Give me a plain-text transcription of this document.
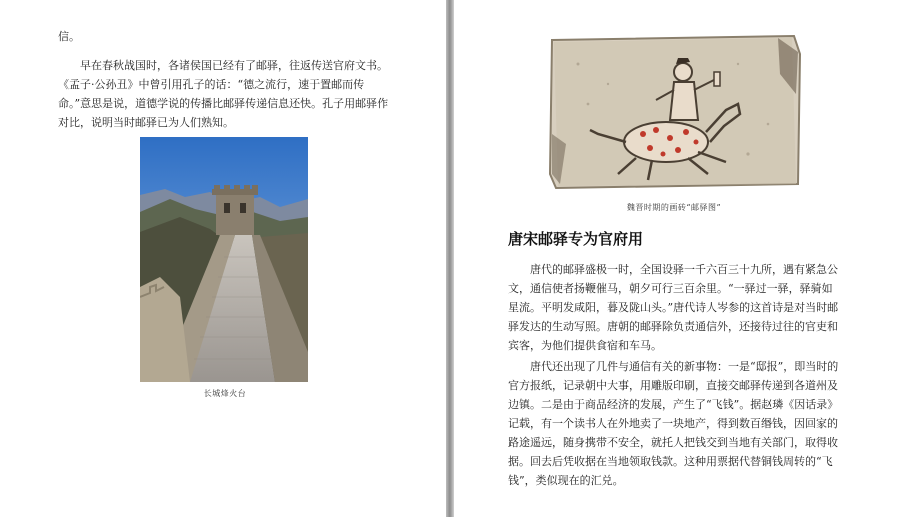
信。

早在春秋战国时，各诸侯国已经有了邮驿，往返传送官府文书。《孟子·公孙丑》中曾引用孔子的话：“德之流行，速于置邮而传命。”意思是说，道德学说的传播比邮驿传递信息还快。孔子用邮驿作对比，说明当时邮驿已为人们熟知。

长城烽火台
魏晋时期的画砖“邮驿图”
唐宋邮驿专为官府用

唐代的邮驿盛极一时，全国设驿一千六百三十九所，遇有紧急公文，通信使者扬鞭催马，朝夕可行三百余里。“一驿过一驿，驿骑如星流。平明发咸阳，暮及陇山头。”唐代诗人岑参的这首诗是对当时邮驿发达的生动写照。唐朝的邮驿除负责通信外，还接待过往的官吏和宾客，为他们提供食宿和车马。

唐代还出现了几件与通信有关的新事物：一是“邸报”，即当时的官方报纸，记录朝中大事，用雕版印刷，直接交邮驿传递到各道州及边镇。二是由于商品经济的发展，产生了“飞钱”。据赵璘《因话录》记载，有一个读书人在外地卖了一块地产，得到数百缗钱，因回家的路途遥远，随身携带不安全，就托人把钱交到当地有关部门，取得收据。回去后凭收据在当地领取钱款。这种用票据代替铜钱周转的“飞钱”，类似现在的汇兑。
